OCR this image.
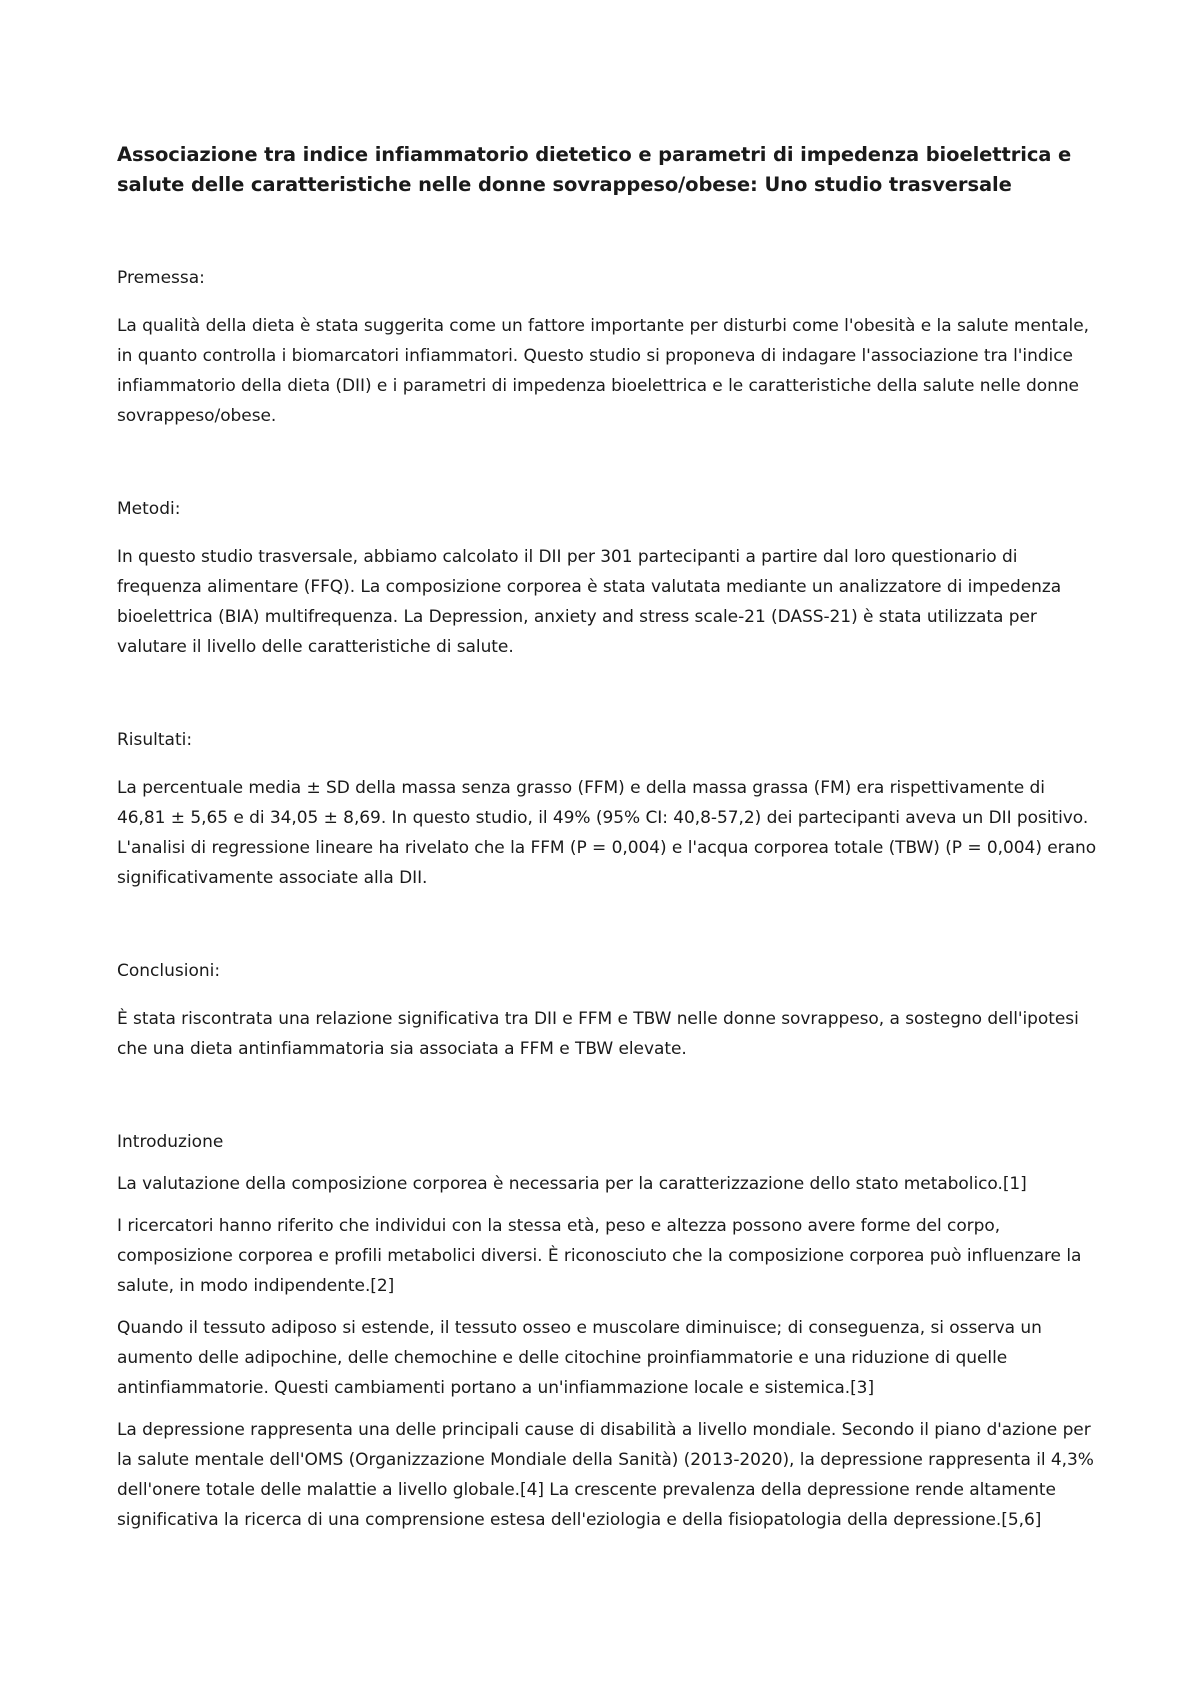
Associazione tra indice infiammatorio dietetico e parametri di impedenza bioelettrica e salute delle caratteristiche nelle donne sovrappeso/obese: Uno studio trasversale
Premessa:

La qualità della dieta è stata suggerita come un fattore importante per disturbi come l'obesità e la salute mentale, in quanto controlla i biomarcatori infiammatori. Questo studio si proponeva di indagare l'associazione tra l'indice infiammatorio della dieta (DII) e i parametri di impedenza bioelettrica e le caratteristiche della salute nelle donne sovrappeso/obese.

Metodi:

In questo studio trasversale, abbiamo calcolato il DII per 301 partecipanti a partire dal loro questionario di frequenza alimentare (FFQ). La composizione corporea è stata valutata mediante un analizzatore di impedenza bioelettrica (BIA) multifrequenza. La Depression, anxiety and stress scale-21 (DASS-21) è stata utilizzata per valutare il livello delle caratteristiche di salute.

Risultati:

La percentuale media ± SD della massa senza grasso (FFM) e della massa grassa (FM) era rispettivamente di 46,81 ± 5,65 e di 34,05 ± 8,69. In questo studio, il 49% (95% CI: 40,8-57,2) dei partecipanti aveva un DII positivo. L'analisi di regressione lineare ha rivelato che la FFM (P = 0,004) e l'acqua corporea totale (TBW) (P = 0,004) erano significativamente associate alla DII.

Conclusioni:

È stata riscontrata una relazione significativa tra DII e FFM e TBW nelle donne sovrappeso, a sostegno dell'ipotesi che una dieta antinfiammatoria sia associata a FFM e TBW elevate.

Introduzione

La valutazione della composizione corporea è necessaria per la caratterizzazione dello stato metabolico.[1]

I ricercatori hanno riferito che individui con la stessa età, peso e altezza possono avere forme del corpo, composizione corporea e profili metabolici diversi. È riconosciuto che la composizione corporea può influenzare la salute, in modo indipendente.[2]

Quando il tessuto adiposo si estende, il tessuto osseo e muscolare diminuisce; di conseguenza, si osserva un aumento delle adipochine, delle chemochine e delle citochine proinfiammatorie e una riduzione di quelle antinfiammatorie. Questi cambiamenti portano a un'infiammazione locale e sistemica.[3]

La depressione rappresenta una delle principali cause di disabilità a livello mondiale. Secondo il piano d'azione per la salute mentale dell'OMS (Organizzazione Mondiale della Sanità) (2013-2020), la depressione rappresenta il 4,3% dell'onere totale delle malattie a livello globale.[4] La crescente prevalenza della depressione rende altamente significativa la ricerca di una comprensione estesa dell'eziologia e della fisiopatologia della depressione.[5,6]
